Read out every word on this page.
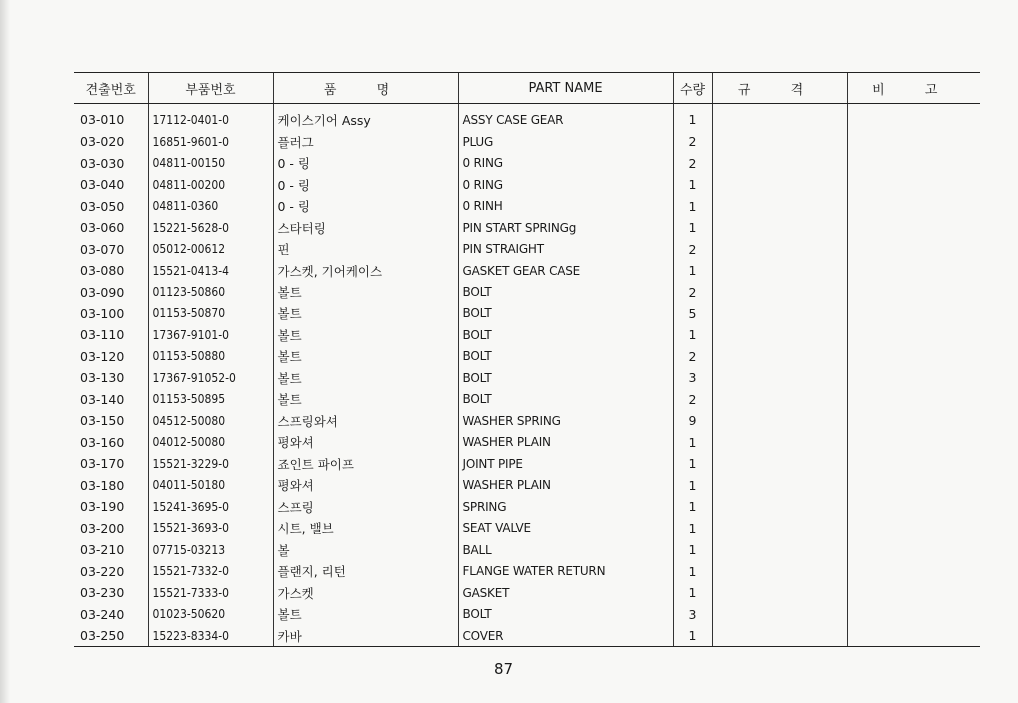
견출번호	부품번호	품 명	PART NAME	수량	규 격	비 고
03-010	17112-0401-0	케이스기어 Assy	ASSY CASE GEAR	1		
03-020	16851-9601-0	플러그	PLUG	2		
03-030	04811-00150	0 - 링	0 RING	2		
03-040	04811-00200	0 - 링	0 RING	1		
03-050	04811-0360	0 - 링	0 RINH	1		
03-060	15221-5628-0	스타터링	PIN START SPRINGg	1		
03-070	05012-00612	핀	PIN STRAIGHT	2		
03-080	15521-0413-4	가스켓, 기어케이스	GASKET GEAR CASE	1		
03-090	01123-50860	볼트	BOLT	2		
03-100	01153-50870	볼트	BOLT	5		
03-110	17367-9101-0	볼트	BOLT	1		
03-120	01153-50880	볼트	BOLT	2		
03-130	17367-91052-0	볼트	BOLT	3		
03-140	01153-50895	볼트	BOLT	2		
03-150	04512-50080	스프링와셔	WASHER SPRING	9		
03-160	04012-50080	평와셔	WASHER PLAIN	1		
03-170	15521-3229-0	죠인트 파이프	JOINT PIPE	1		
03-180	04011-50180	평와셔	WASHER PLAIN	1		
03-190	15241-3695-0	스프링	SPRING	1		
03-200	15521-3693-0	시트, 밸브	SEAT VALVE	1		
03-210	07715-03213	볼	BALL	1		
03-220	15521-7332-0	플랜지, 리턴	FLANGE WATER RETURN	1		
03-230	15521-7333-0	가스켓	GASKET	1		
03-240	01023-50620	볼트	BOLT	3		
03-250	15223-8334-0	카바	COVER	1		
87
